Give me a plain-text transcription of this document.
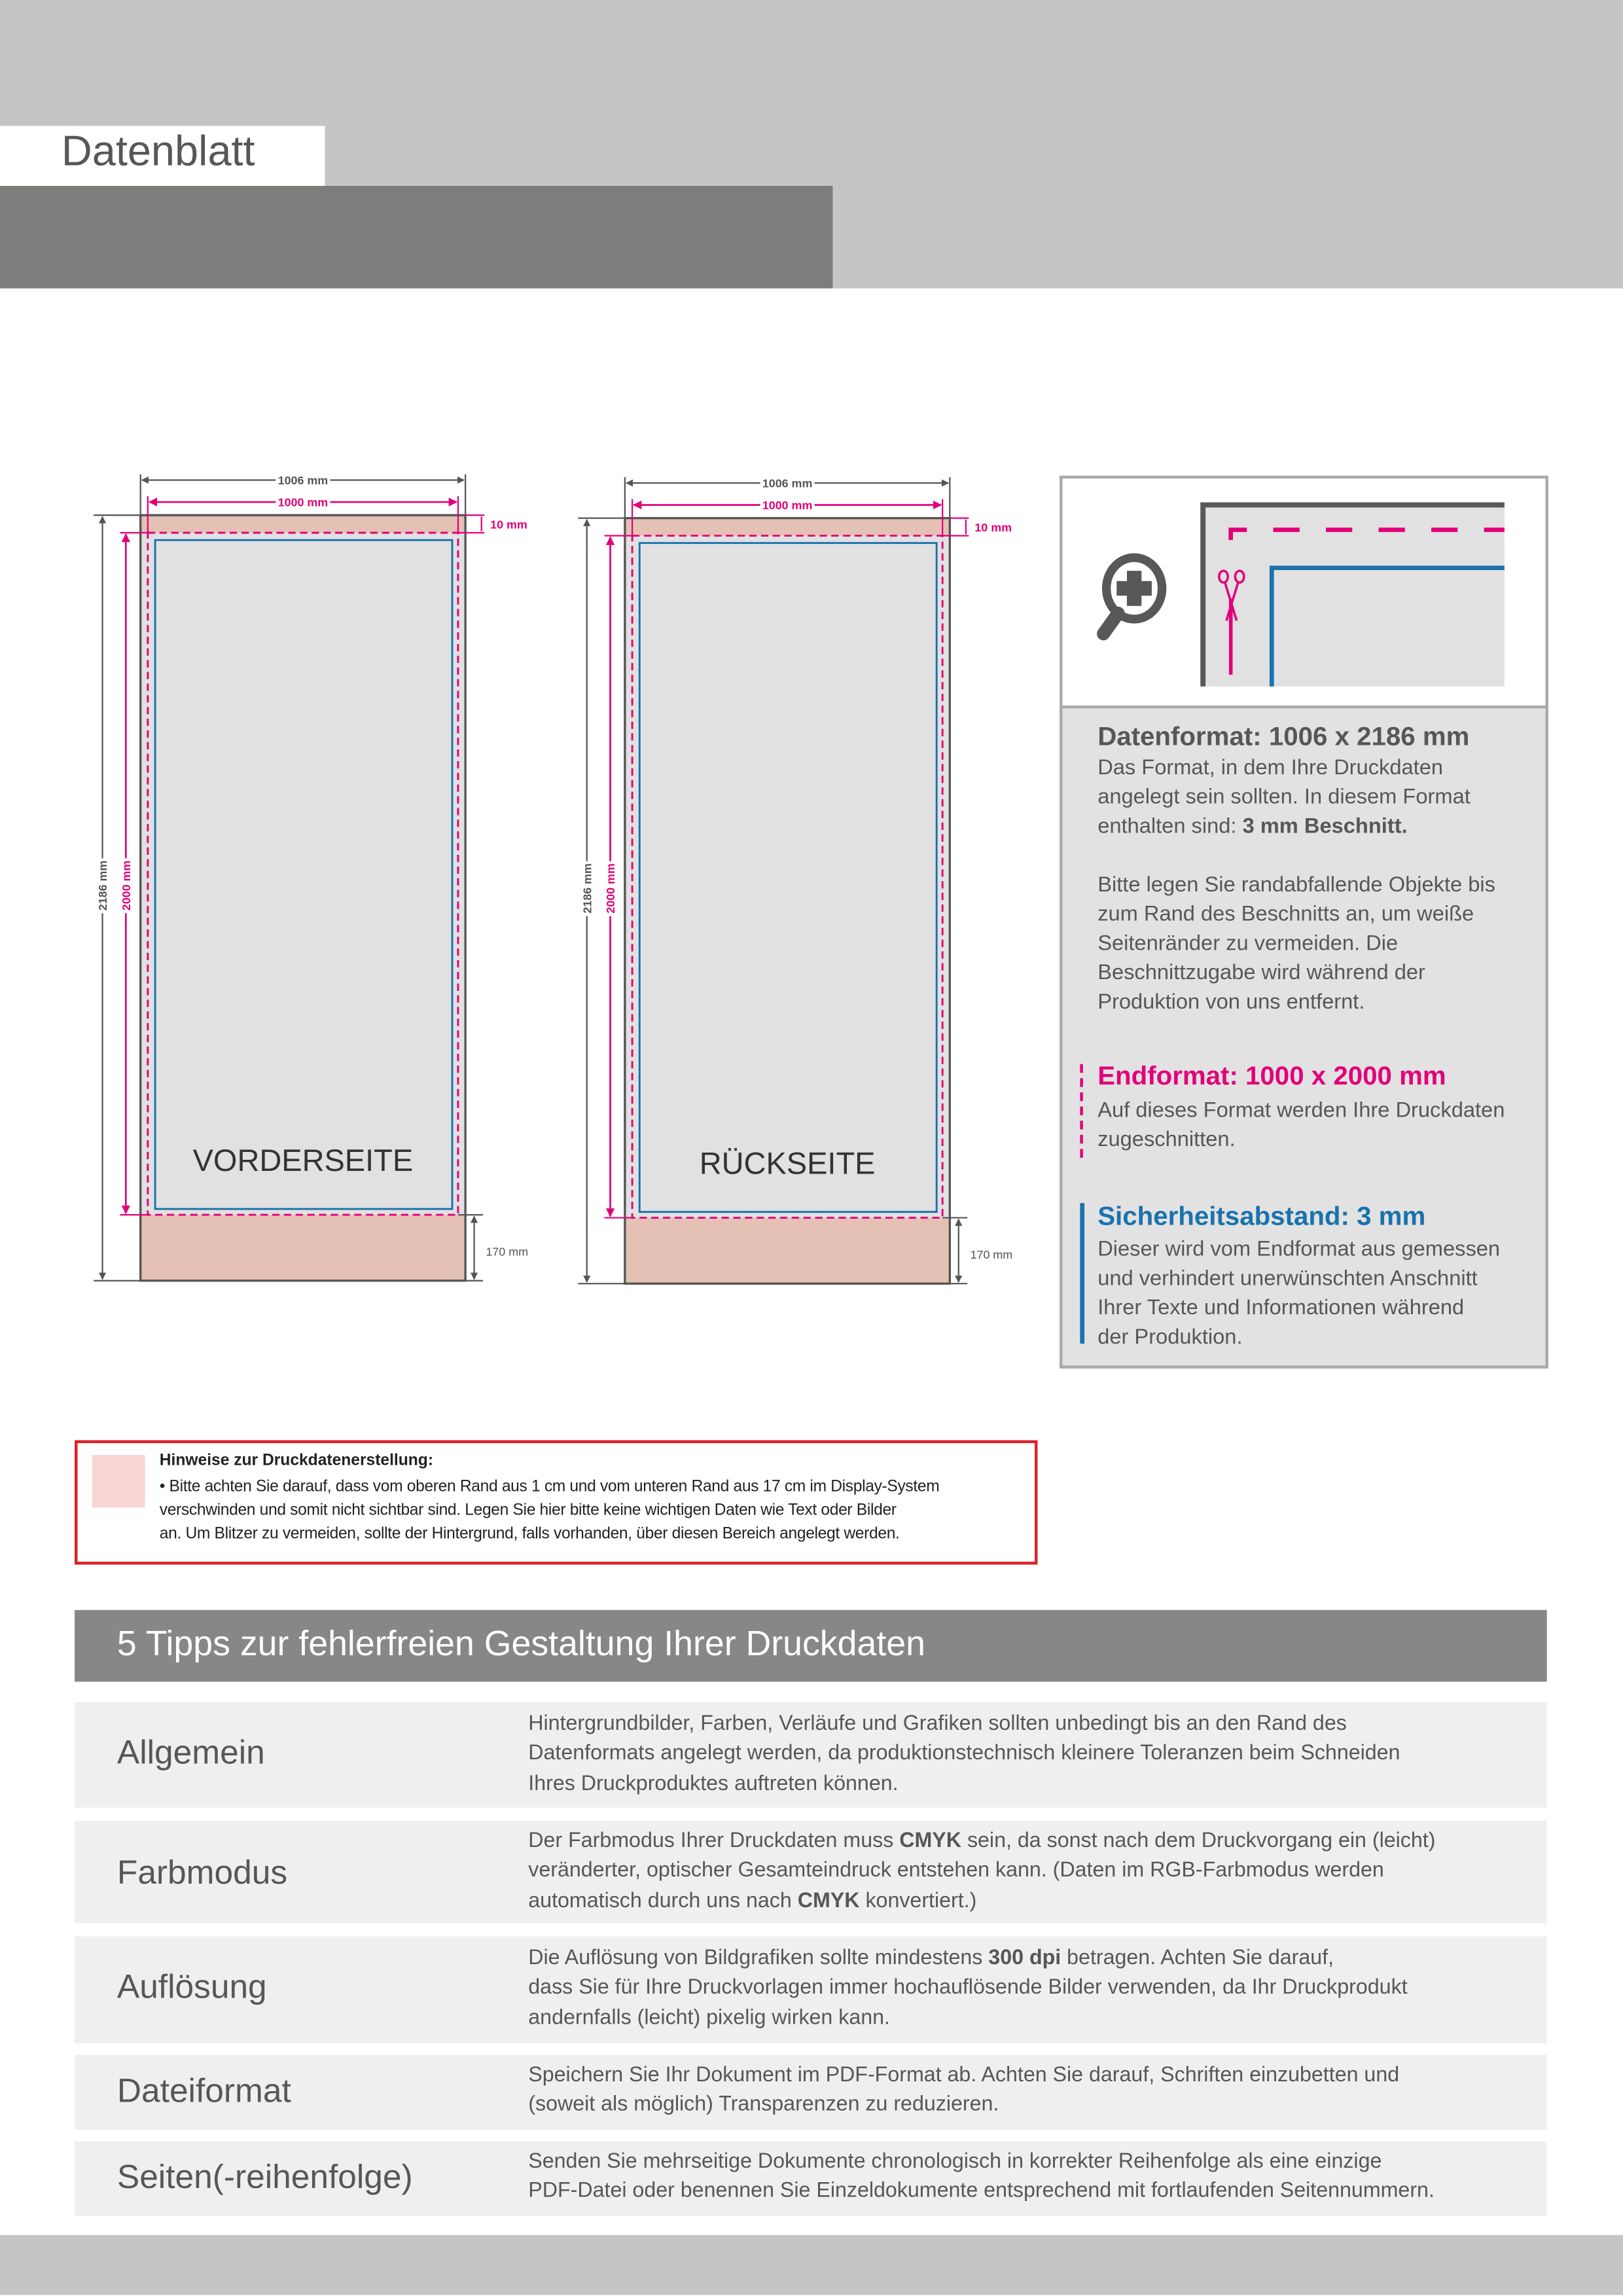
Datenblatt
Roll-Up Bannerdisplay
Exklusiv, 100 x 200 cm, 4/4-farbig
1006 mm
1000 mm
10 mm
2186 mm 2000 mm
170 mm
VORDERSEITE
1006 mm
1000 mm
10 mm
2186 mm 2000 mm
170 mm
RÜCKSEITE
Datenformat: 1006 x 2186 mm
Das Format, in dem Ihre Druckdaten
angelegt sein sollten. In diesem Format
enthalten sind: 3 mm Beschnitt.
Bitte legen Sie randabfallende Objekte bis
zum Rand des Beschnitts an, um weiße
Seitenränder zu vermeiden. Die
Beschnittzugabe wird während der
Produktion von uns entfernt.
Endformat: 1000 x 2000 mm
Auf dieses Format werden Ihre Druckdaten
zugeschnitten.
Sicherheitsabstand: 3 mm
Dieser wird vom Endformat aus gemessen
und verhindert unerwünschten Anschnitt
Ihrer Texte und Informationen während
der Produktion.
Hinweise zur Druckdatenerstellung:
• Bitte achten Sie darauf, dass vom oberen Rand aus 1 cm und vom unteren Rand aus 17 cm im Display-System
verschwinden und somit nicht sichtbar sind. Legen Sie hier bitte keine wichtigen Daten wie Text oder Bilder
an. Um Blitzer zu vermeiden, sollte der Hintergrund, falls vorhanden, über diesen Bereich angelegt werden.
5 Tipps zur fehlerfreien Gestaltung Ihrer Druckdaten
Allgemein
Hintergrundbilder, Farben, Verläufe und Grafiken sollten unbedingt bis an den Rand des
Datenformats angelegt werden, da produktionstechnisch kleinere Toleranzen beim Schneiden
Ihres Druckproduktes auftreten können.
Farbmodus
Der Farbmodus Ihrer Druckdaten muss CMYK sein, da sonst nach dem Druckvorgang ein (leicht)
veränderter, optischer Gesamteindruck entstehen kann. (Daten im RGB-Farbmodus werden
automatisch durch uns nach CMYK konvertiert.)
Auflösung
Die Auflösung von Bildgrafiken sollte mindestens 300 dpi betragen. Achten Sie darauf,
dass Sie für Ihre Druckvorlagen immer hochauflösende Bilder verwenden, da Ihr Druckprodukt
andernfalls (leicht) pixelig wirken kann.
Dateiformat	Speichern Sie Ihr Dokument im PDF-Format ab. Achten Sie darauf, Schriften einzubetten und
(soweit als möglich) Transparenzen zu reduzieren.
Seiten(-reihenfolge)	Senden Sie mehrseitige Dokumente chronologisch in korrekter Reihenfolge als eine einzige
PDF-Datei oder benennen Sie Einzeldokumente entsprechend mit fortlaufenden Seitennummern.
